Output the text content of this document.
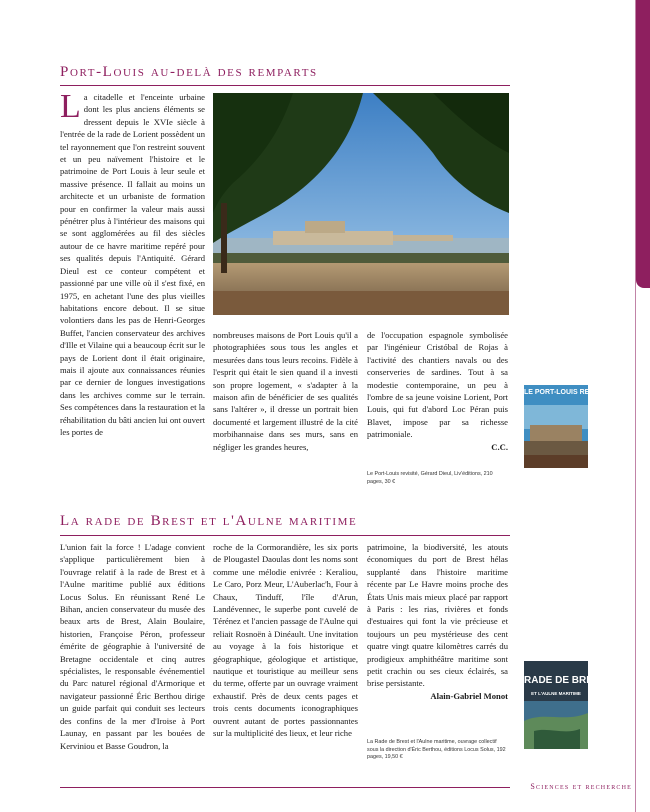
Port-Louis au-delà des remparts

La citadelle et l'enceinte urbaine dont les plus anciens éléments se dressent depuis le XVIe siècle à l'entrée de la rade de Lorient possèdent un tel rayonnement que l'on restreint souvent et un peu naïvement l'histoire et le patrimoine de Port Louis à leur seule et massive présence. Il fallait au moins un architecte et un urbaniste de formation pour en confirmer la valeur mais aussi pénétrer plus à l'intérieur des maisons qui se sont agglomérées au fil des siècles autour de ce havre maritime repéré pour ses qualités depuis l'Antiquité. Gérard Dieul est ce conteur compétent et passionné par une ville où il s'est fixé, en 1975, en achetant l'une des plus vieilles habitations encore debout. Il se situe volontiers dans les pas de Henri-Georges Buffet, l'ancien conservateur des archives d'Ille et Vilaine qui a beaucoup écrit sur le pays de Lorient dont il était originaire, mais il ajoute aux connaissances réunies par ce dernier de longues investigations dans les archives comme sur le terrain. Ses compétences dans la restauration et la réhabilitation du bâti ancien lui ont ouvert les portes de

nombreuses maisons de Port Louis qu'il a photographiées sous tous les angles et mesurées dans tous leurs recoins. Fidèle à l'esprit qui était le sien quand il a investi son propre logement, « s'adapter à la maison afin de bénéficier de ses qualités sans l'altérer », il dresse un portrait bien documenté et largement illustré de la cité morbihannaise dans ses murs, sans en négliger les grandes heures,

de l'occupation espagnole symbolisée par l'ingénieur Cristóbal de Rojas à l'activité des chantiers navals ou des conserveries de sardines. Tout à sa modestie contemporaine, un peu à l'ombre de sa jeune voisine Lorient, Port Louis, qui fut d'abord Loc Péran puis Blavet, impose par sa richesse patrimoniale.
C.C.

LE PORT-LOUIS REVISITÉ

Le Port-Louis revisité, Gérard Dieul, Liv'éditions, 210 pages, 30 €

La rade de Brest et l'Aulne maritime

L'union fait la force ! L'adage convient s'applique particulièrement bien à l'ouvrage relatif à la rade de Brest et à l'Aulne maritime publié aux éditions Locus Solus. En réunissant René Le Bihan, ancien conservateur du musée des beaux arts de Brest, Alain Boulaire, historien, Françoise Péron, professeur émérite de géographie à l'université de Bretagne occidentale et cinq autres spécialistes, le responsable événementiel du Parc naturel régional d'Armorique et navigateur passionné Éric Berthou dirige un guide parfait qui conduit ses lecteurs des confins de la mer d'Iroise à Port Launay, en passant par les bouées de Kerviniou et Basse Goudron, la

roche de la Cormorandière, les six ports de Plougastel Daoulas dont les noms sont comme une mélodie enivrée : Keraliou, Le Caro, Porz Meur, L'Auberlac'h, Four à Chaux, Tinduff, l'île d'Arun, Landévennec, le superbe pont cuvelé de Térénez et l'ancien passage de l'Aulne qui reliait Rosnoën à Dinéault. Une invitation au voyage à la fois historique et géographique, géologique et artistique, nautique et touristique au meilleur sens du terme, offerte par un ouvrage vraiment exhaustif. Près de deux cents pages et trois cents documents iconographiques ouvrent autant de portes passionnantes sur la multiplicité des lieux, et leur riche

patrimoine, la biodiversité, les atouts économiques du port de Brest hélas supplanté dans l'histoire maritime récente par Le Havre moins proche des États Unis mais mieux placé par rapport à Paris : les rias, rivières et fonds d'estuaires qui font la vie précieuse et toujours un peu mystérieuse des cent quatre vingt quatre kilomètres carrés du prodigieux amphithéâtre maritime sont petit crachin ou ses cieux éclairés, sa brise persistante.
Alain-Gabriel Monot

RADE DE BREST
ET L'AULNE MARITIME

La Rade de Brest et l'Aulne maritime, ouvrage collectif sous la direction d'Éric Berthou, éditions Locus Solus, 192 pages, 19,50 €

Sciences et recherche
